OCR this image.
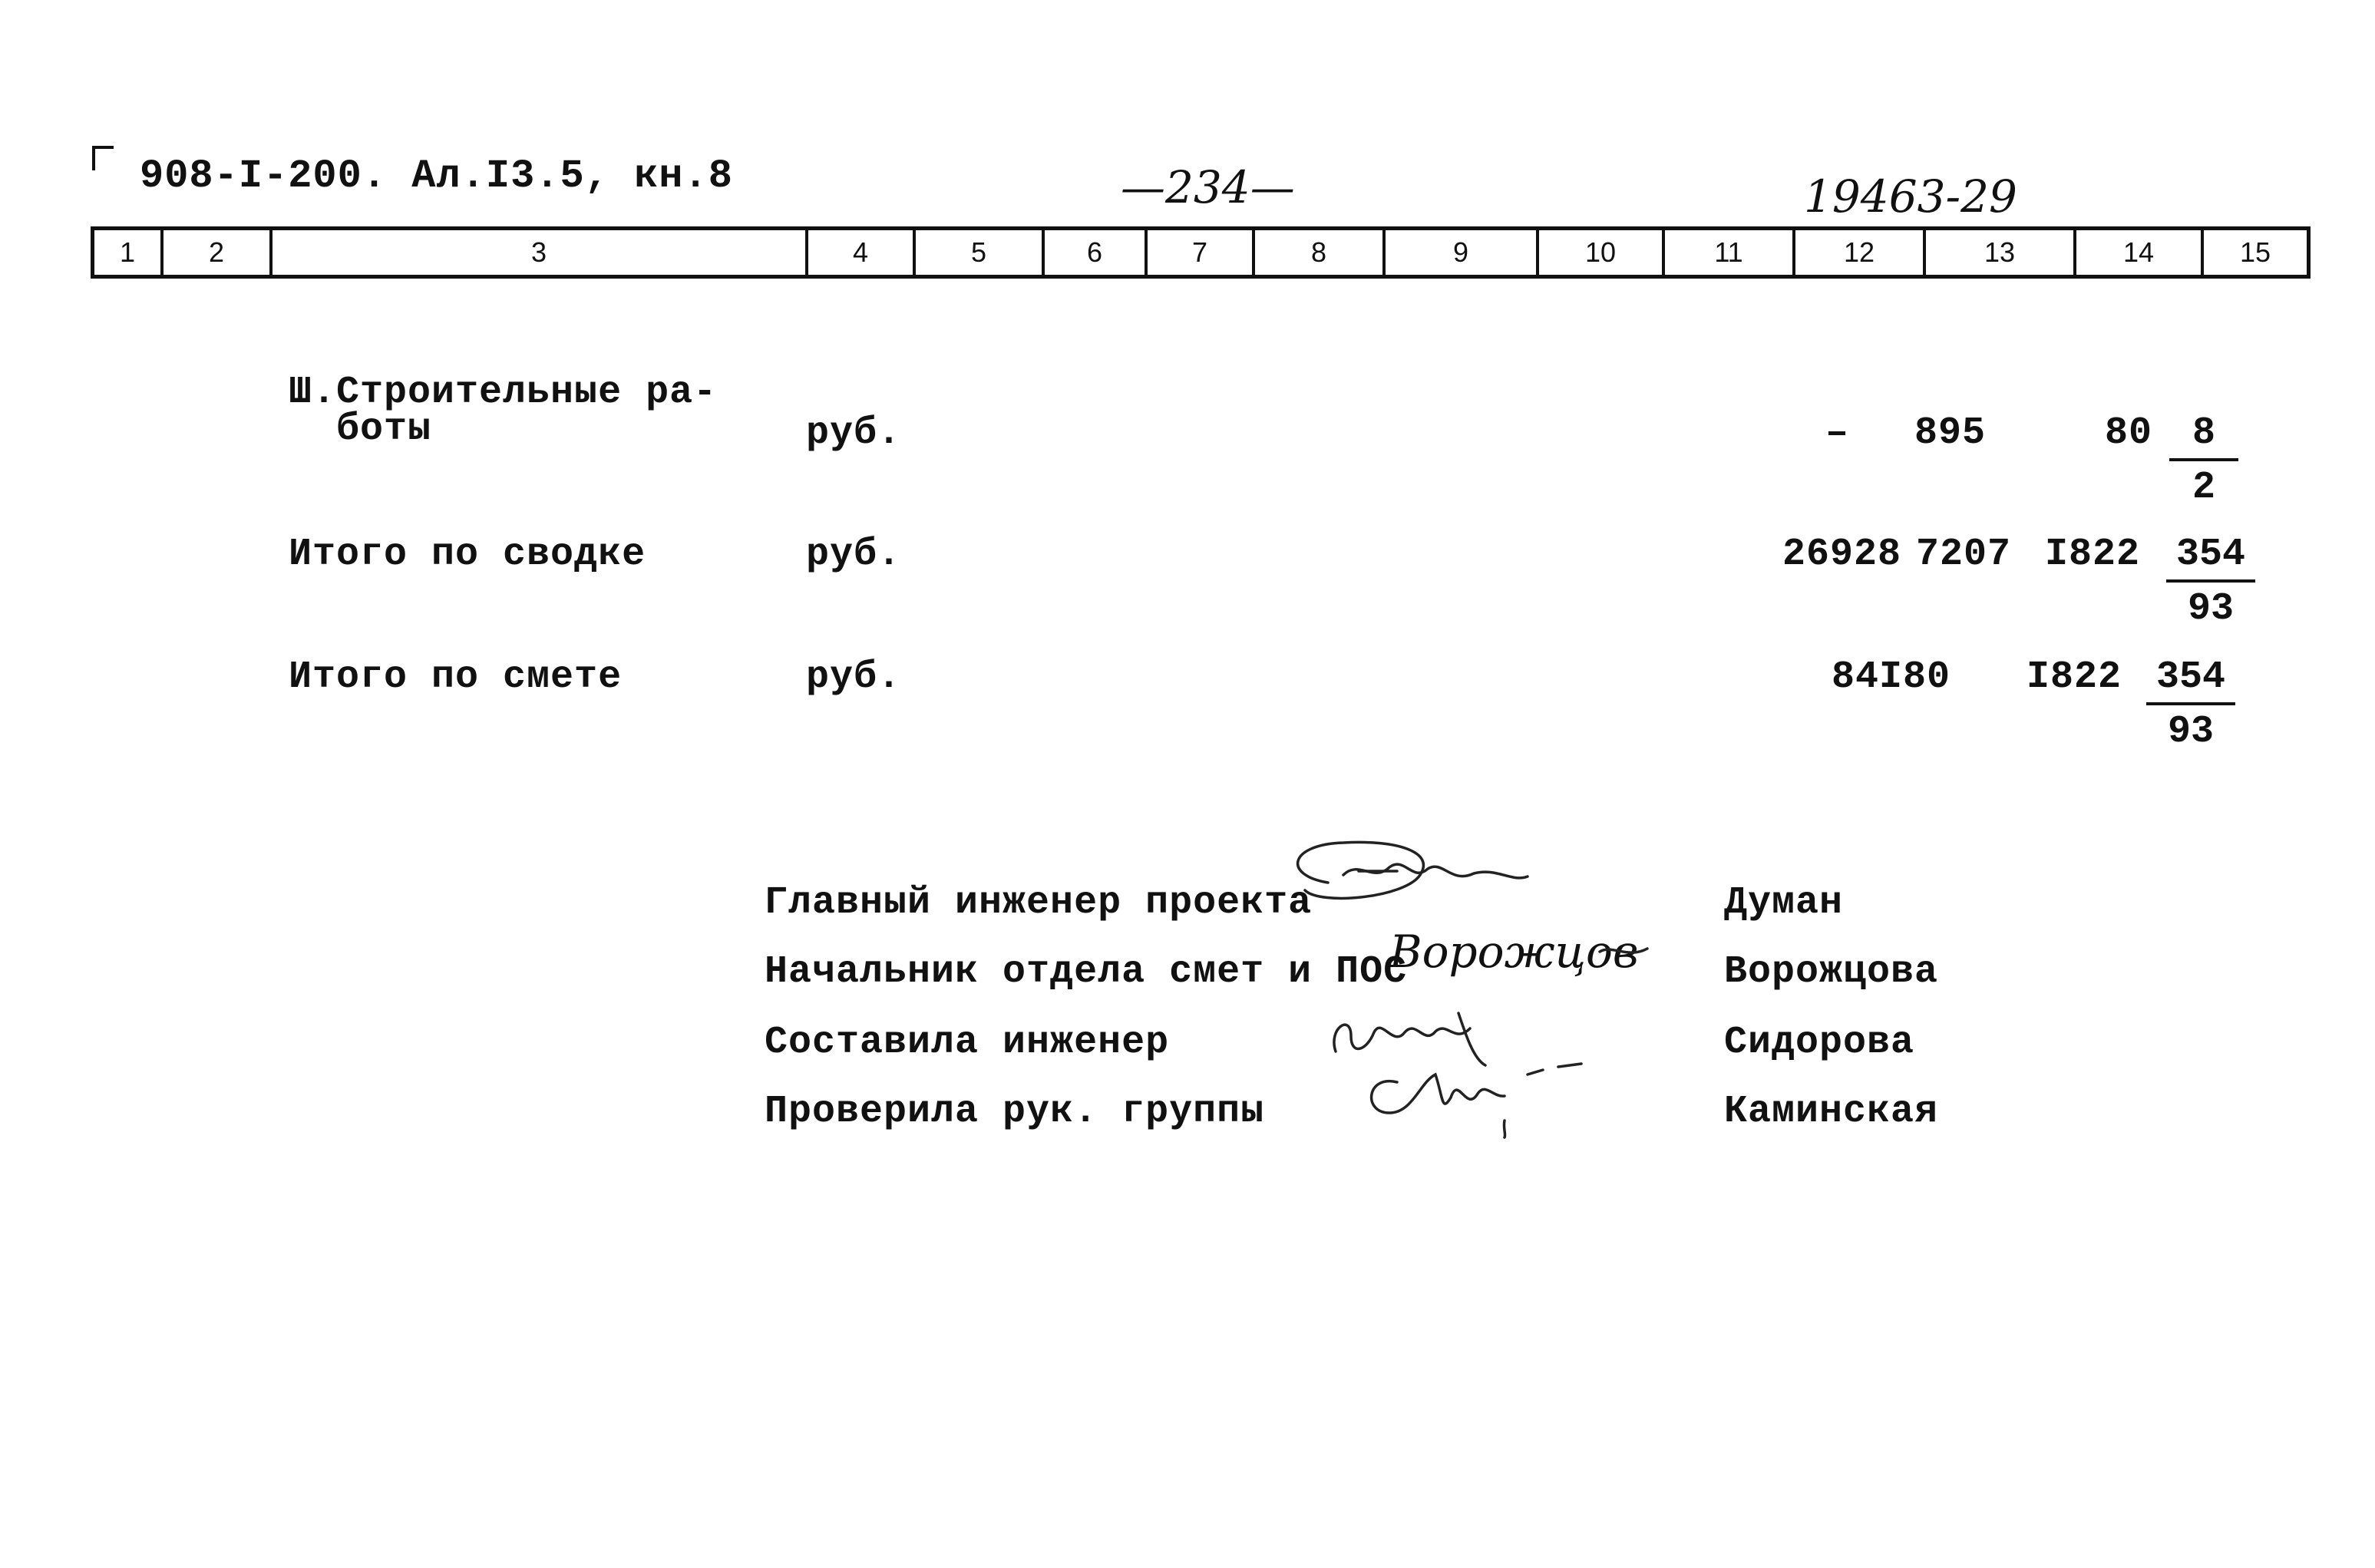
908-I-200. Ал.I3.5, кн.8	—234—	19463-29
1	2	3	4	5	6	7	8	9	10	11	12	13	14	15
Ш.Строительные ра-
боты	руб.	– 895	$80 \frac{8}{2}$
Итого по сводке	руб.	26928 7207 $I822 \frac{354}{93}$
Итого по смете	руб.	84I80 $I822 \frac{354}{93}$
Главный инженер проекта	Думан
Начальник отдела смет и ПОС	Ворожцова
Составила инженер	Сидорова
Проверила рук. группы	Каминская
Ворожцов
